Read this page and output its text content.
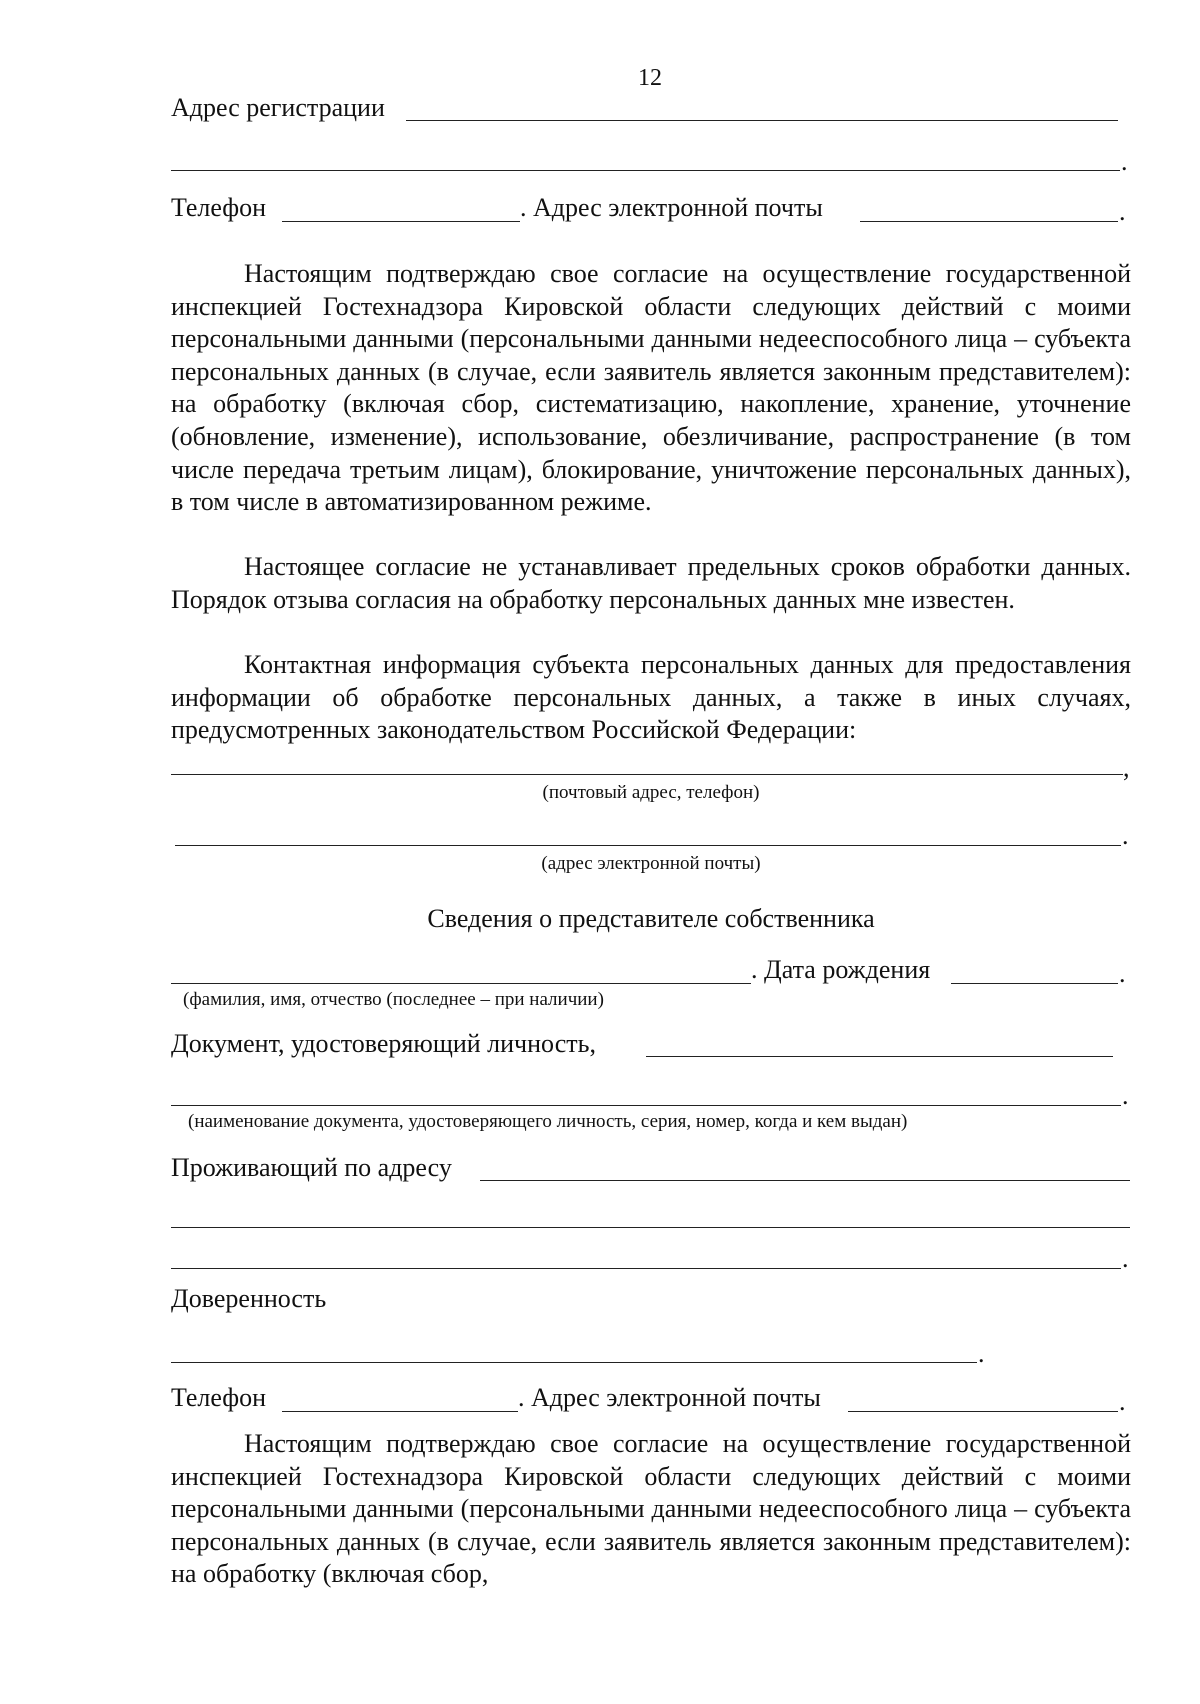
12
Адрес регистрации
.
Телефон	. Адрес электронной почты	.
Настоящим подтверждаю свое согласие на осуществление государственной инспекцией Гостехнадзора Кировской области следующих действий с моими персональными данными (персональными данными недееспособного лица – субъекта персональных данных (в случае, если заявитель является законным представителем): на обработку (включая сбор, систематизацию, накопление, хранение, уточнение (обновление, изменение), использование, обезличивание, распространение (в том числе передача третьим лицам), блокирование, уничтожение персональных данных), в том числе в автоматизированном режиме.
Настоящее согласие не устанавливает предельных сроков обработки данных. Порядок отзыва согласия на обработку персональных данных мне известен.
Контактная информация субъекта персональных данных для предоставления информации об обработке персональных данных, а также в иных случаях, предусмотренных законодательством Российской Федерации:
,
(почтовый адрес, телефон)
.
(адрес электронной почты)
Сведения о представителе собственника
. Дата рождения	.
(фамилия, имя, отчество (последнее – при наличии)
Документ, удостоверяющий личность,
.
(наименование документа, удостоверяющего личность, серия, номер, когда и кем выдан)
Проживающий по адресу
.
Доверенность
.
Телефон	. Адрес электронной почты	.
Настоящим подтверждаю свое согласие на осуществление государственной инспекцией Гостехнадзора Кировской области следующих действий с моими персональными данными (персональными данными недееспособного лица – субъекта персональных данных (в случае, если заявитель является законным представителем): на обработку (включая сбор,
